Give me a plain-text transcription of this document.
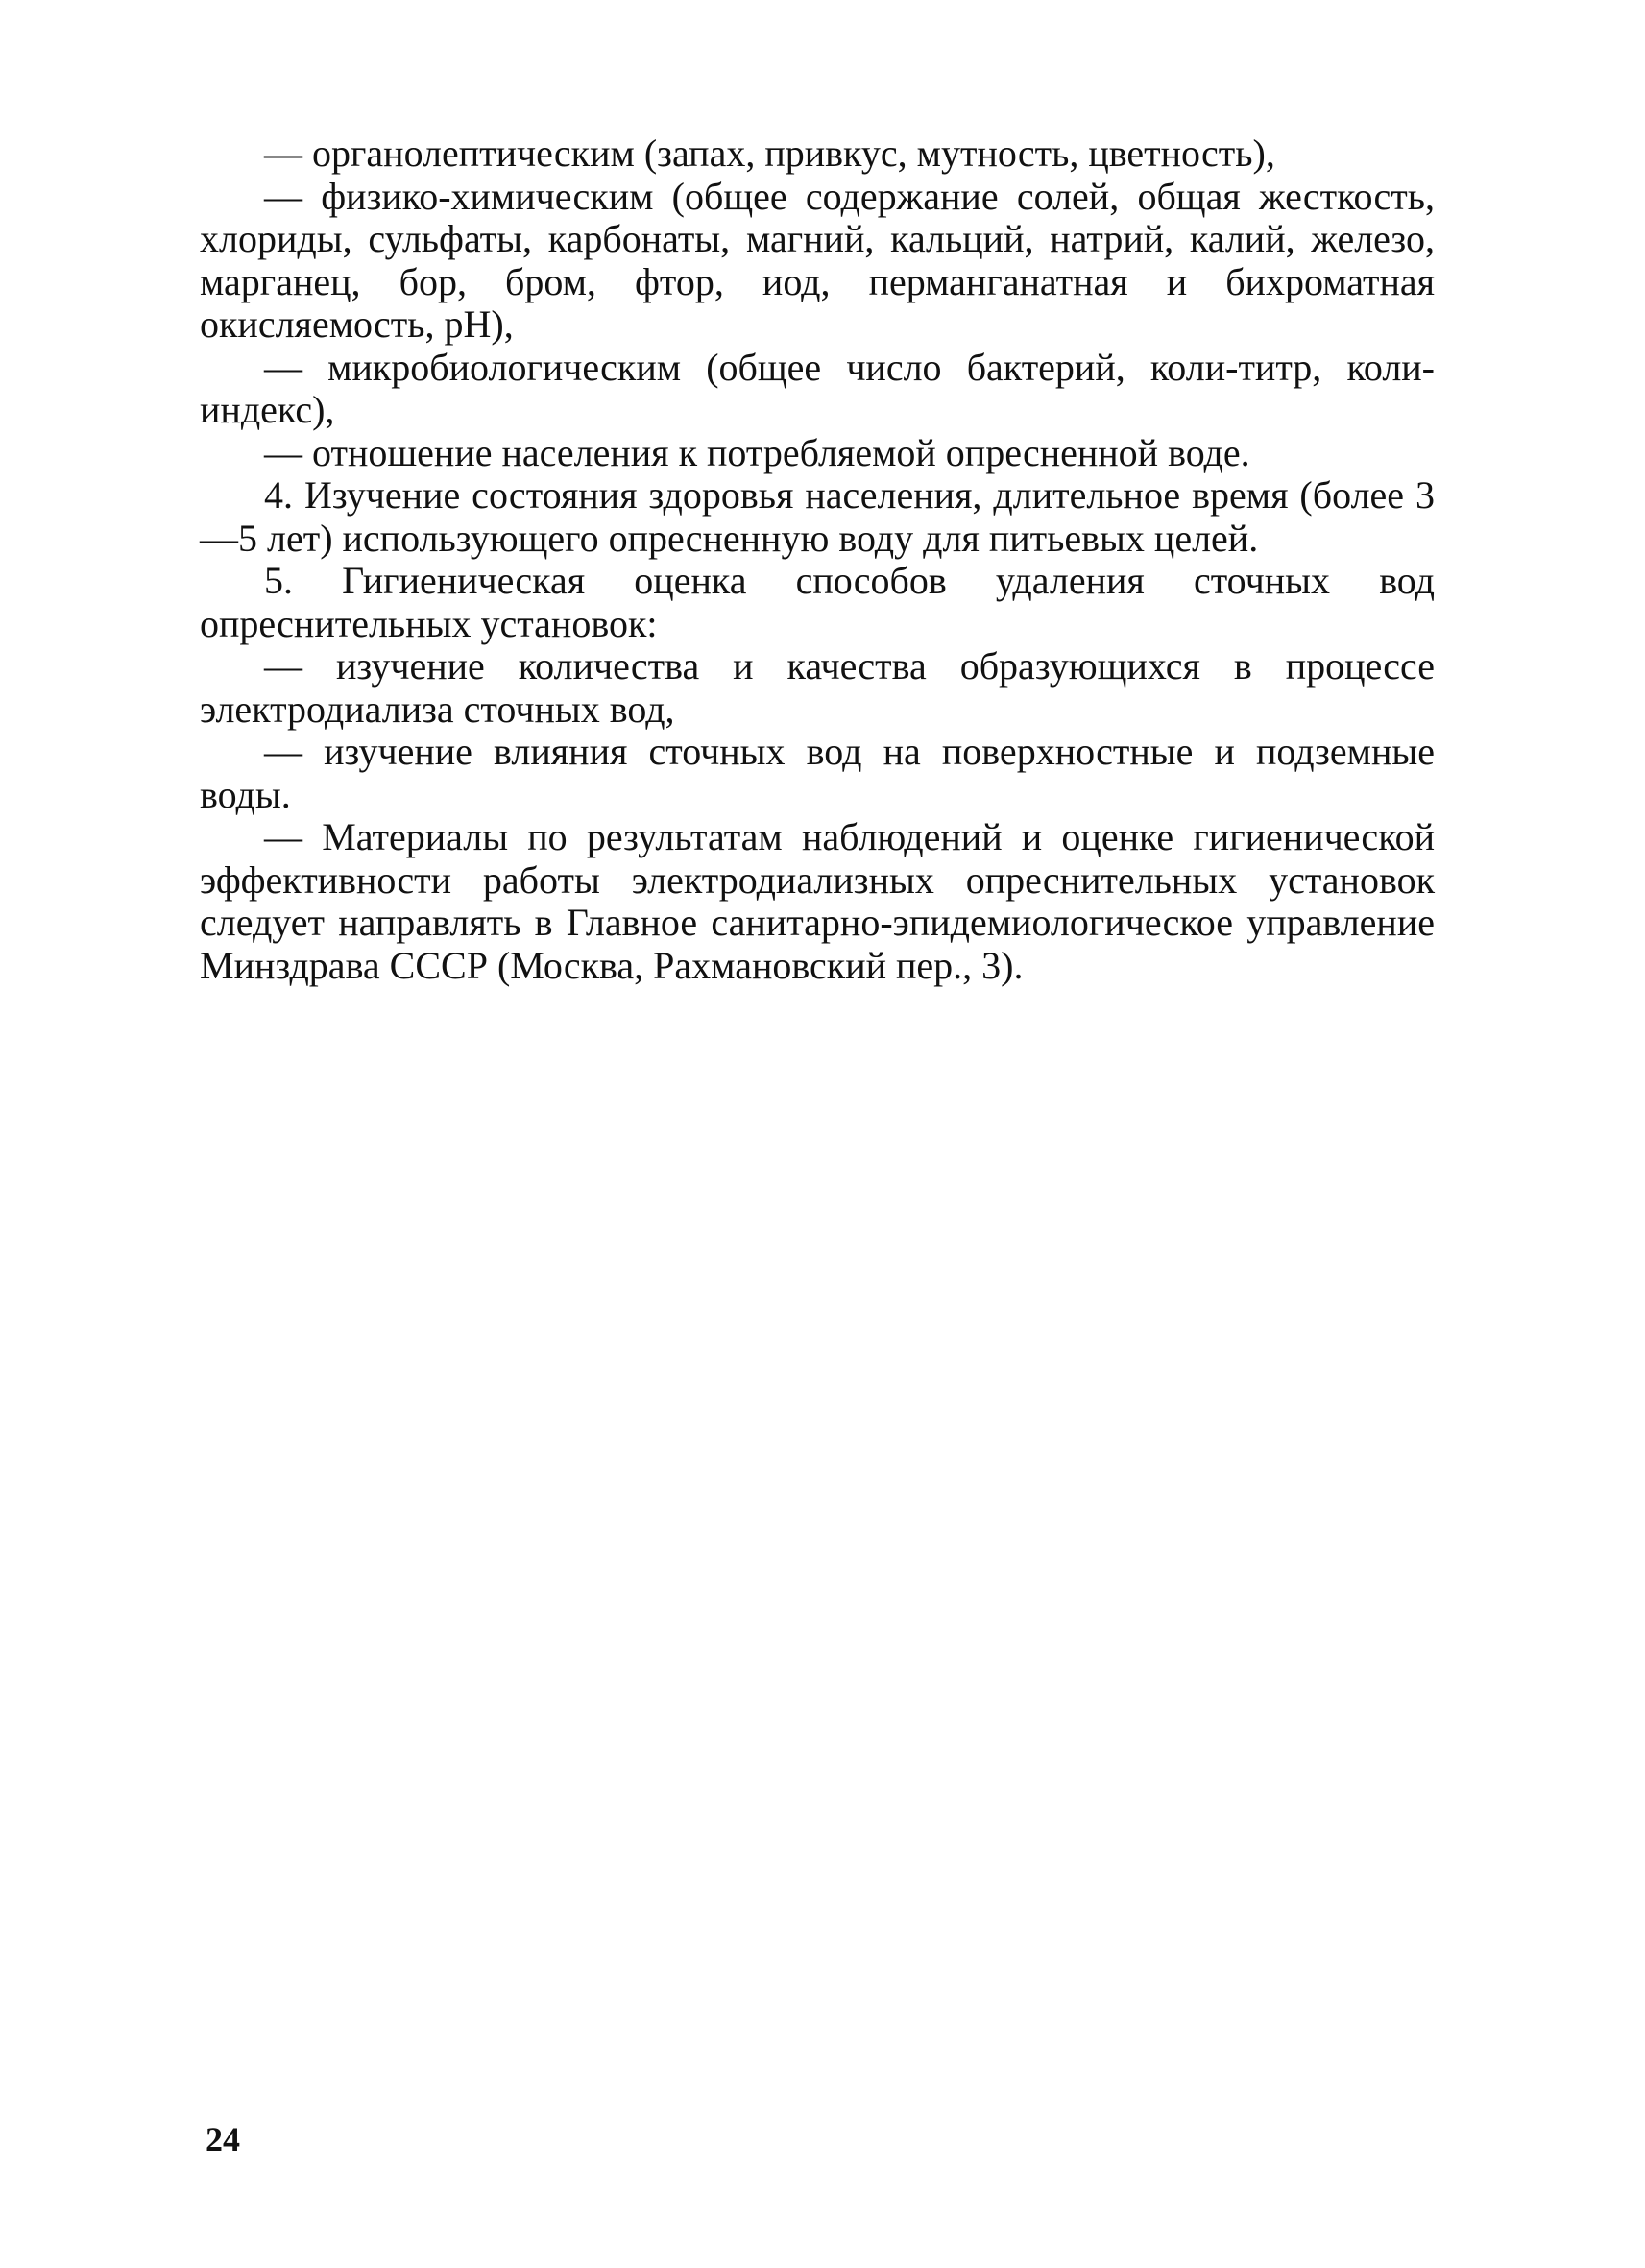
— органолептическим (запах, привкус, мутность, цветность),

— физико-химическим (общее содержание солей, общая жесткость, хлориды, сульфаты, карбонаты, магний, кальций, натрий, калий, железо, марганец, бор, бром, фтор, иод, перманганатная и бихроматная окисляемость, pH),

— микробиологическим (общее число бактерий, коли-титр, коли-индекс),

— отношение населения к потребляемой опресненной воде.

4. Изучение состояния здоровья населения, длительное время (более 3—5 лет) использующего опресненную воду для питьевых целей.

5. Гигиеническая оценка способов удаления сточных вод опреснительных установок:

— изучение количества и качества образующихся в процессе электродиализа сточных вод,

— изучение влияния сточных вод на поверхностные и подземные воды.

— Материалы по результатам наблюдений и оценке гигиенической эффективности работы электродиализных опреснительных установок следует направлять в Главное санитарно-эпидемиологическое управление Минздрава СССР (Москва, Рахмановский пер., 3).

24
